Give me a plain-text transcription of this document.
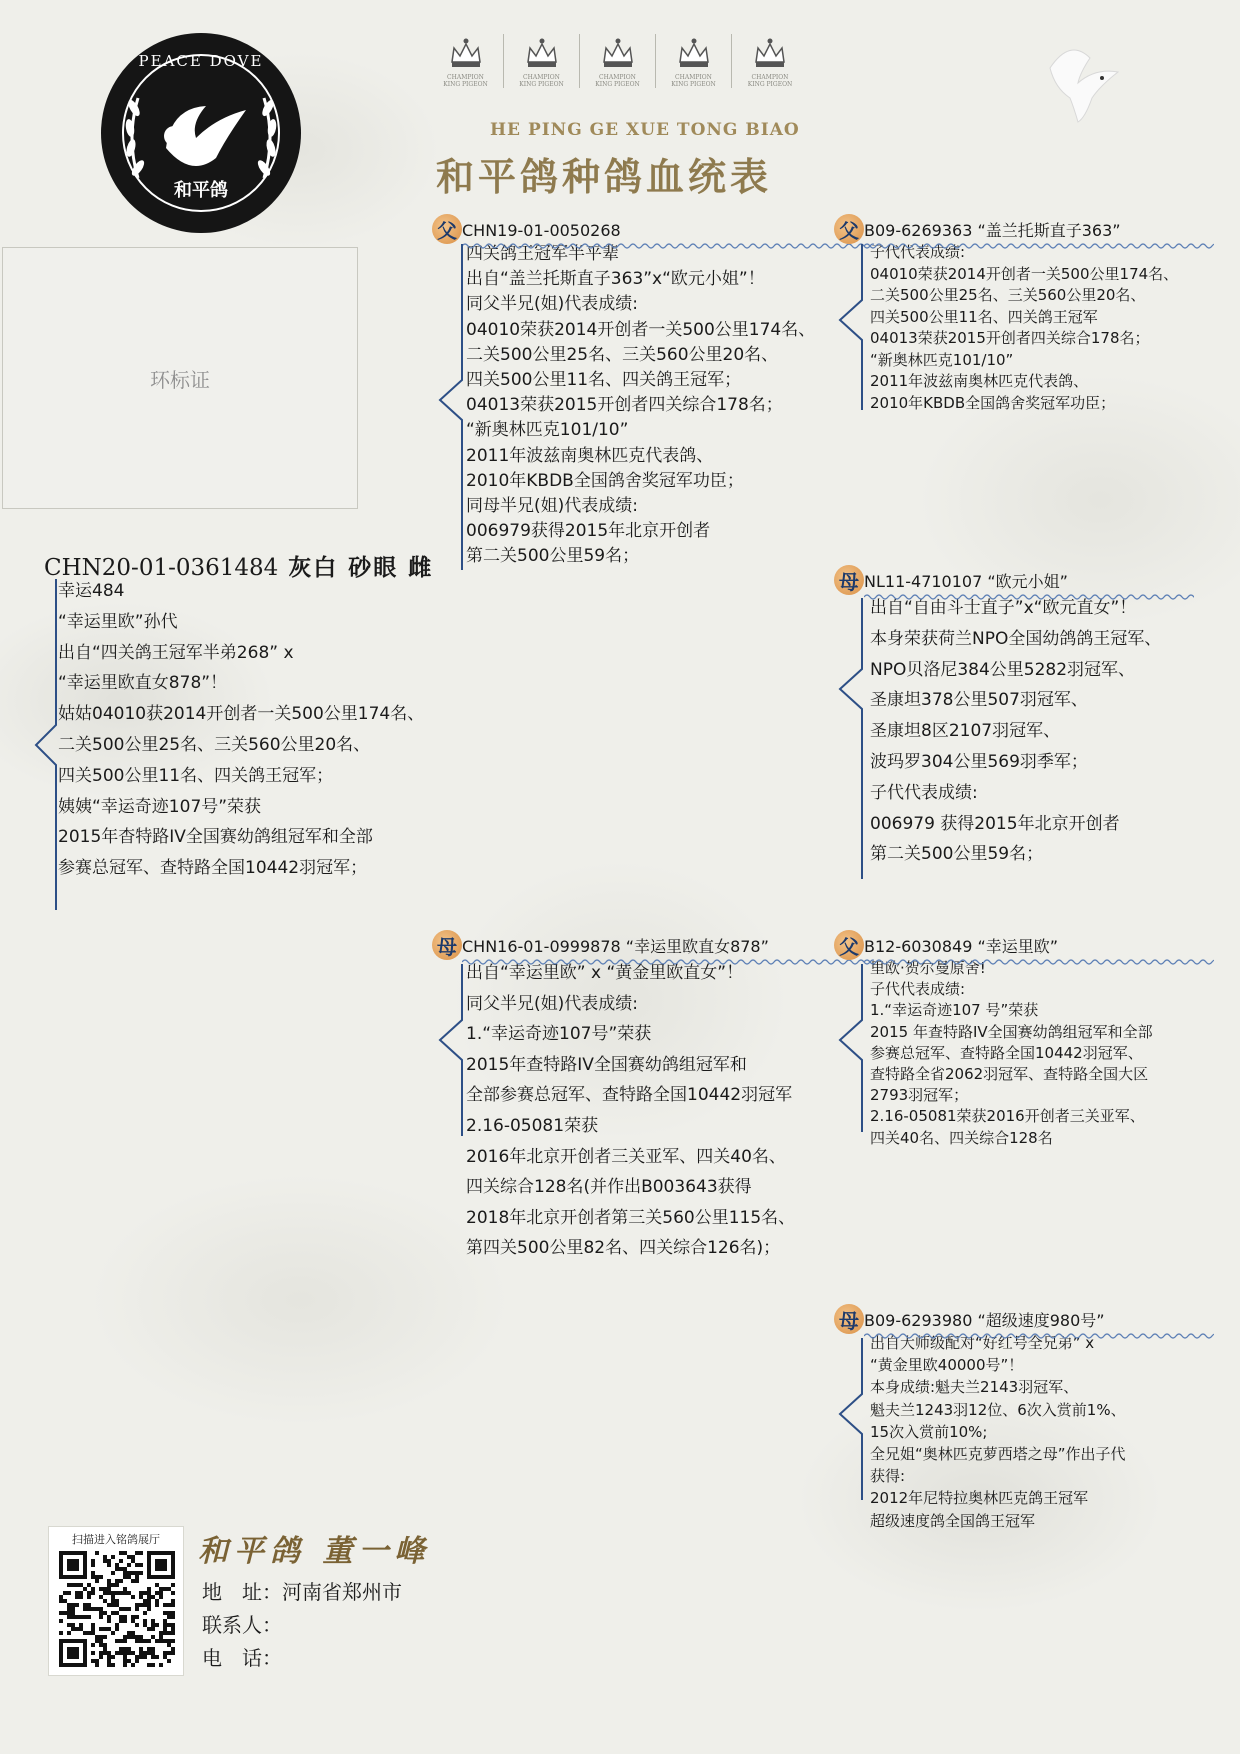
PEACE DOVE
和平鸽
CHAMPION
KING PIGEON
CHAMPION
KING PIGEON
CHAMPION
KING PIGEON
CHAMPION
KING PIGEON
CHAMPION
KING PIGEON
HE PING GE XUE TONG BIAO
和平鸽种鸽血统表
环标证
CHN20-01-0361484 灰白 砂眼 雌
幸运484
“幸运里欧”孙代
出自“四关鸽王冠军半弟268” x
“幸运里欧直女878”！
姑姑04010获2014开创者一关500公里174名、
二关500公里25名、三关560公里20名、
四关500公里11名、四关鸽王冠军；
姨姨“幸运奇迹107号”荣获
2015年杳特路IV全国赛幼鸽组冠军和全部
参赛总冠军、查特路全国10442羽冠军；
父 CHN19-01-0050268
四关鸽王冠军半平辈
出自“盖兰托斯直子363”x“欧元小姐”！
同父半兄(姐)代表成绩:
04010荣获2014开创者一关500公里174名、
二关500公里25名、三关560公里20名、
四关500公里11名、四关鸽王冠军；
04013荣获2015开创者四关综合178名；
“新奥林匹克101/10”
2011年波兹南奥林匹克代表鸽、
2010年KBDB全国鸽舍奖冠军功臣；
同母半兄(姐)代表成绩:
006979获得2015年北京开创者
第二关500公里59名；
父 B09-6269363 “盖兰托斯直子363”
子代代表成绩:
04010荣获2014开创者一关500公里174名、
二关500公里25名、三关560公里20名、
四关500公里11名、四关鸽王冠军
04013荣获2015开创者四关综合178名；
“新奥林匹克101/10”
2011年波兹南奥林匹克代表鸽、
2010年KBDB全国鸽舍奖冠军功臣；
母 NL11-4710107 “欧元小姐”
出自“自由斗士直子”x“欧元直女”！
本身荣获荷兰NPO全国幼鸽鸽王冠军、
NPO贝洛尼384公里5282羽冠军、
圣康坦378公里507羽冠军、
圣康坦8区2107羽冠军、
波玛罗304公里569羽季军；
子代代表成绩:
006979 获得2015年北京开创者
第二关500公里59名；
母 CHN16-01-0999878 “幸运里欧直女878”
出自“幸运里欧” x “黄金里欧直女”！
同父半兄(姐)代表成绩:
1.“幸运奇迹107号”荣获
2015年查特路IV全国赛幼鸽组冠军和
全部参赛总冠军、查特路全国10442羽冠军
2.16-05081荣获
2016年北京开创者三关亚军、四关40名、
四关综合128名(并作出B003643获得
2018年北京开创者第三关560公里115名、
第四关500公里82名、四关综合126名)；
父 B12-6030849 “幸运里欧”
里欧·贺尔曼原舍!
子代代表成绩:
1.“幸运奇迹107 号”荣获
2015 年查特路IV全国赛幼鸽组冠军和全部
参赛总冠军、查特路全国10442羽冠军、
查特路全省2062羽冠军、查特路全国大区
2793羽冠军；
2.16-05081荣获2016开创者三关亚军、
四关40名、四关综合128名
母 B09-6293980 “超级速度980号”
出自大师级配对“好红号全兄弟” x
“黄金里欧40000号”！
本身成绩:魁夫兰2143羽冠军、
魁夫兰1243羽12位、6次入赏前1%、
15次入赏前10%;
全兄姐“奥林匹克萝西塔之母”作出子代
获得:
2012年尼特拉奥林匹克鸽王冠军
超级速度鸽全国鸽王冠军
扫描进入铭鸽展厅	和平鸽 董一峰
地　址：河南省郑州市
联系人：
电　话：
